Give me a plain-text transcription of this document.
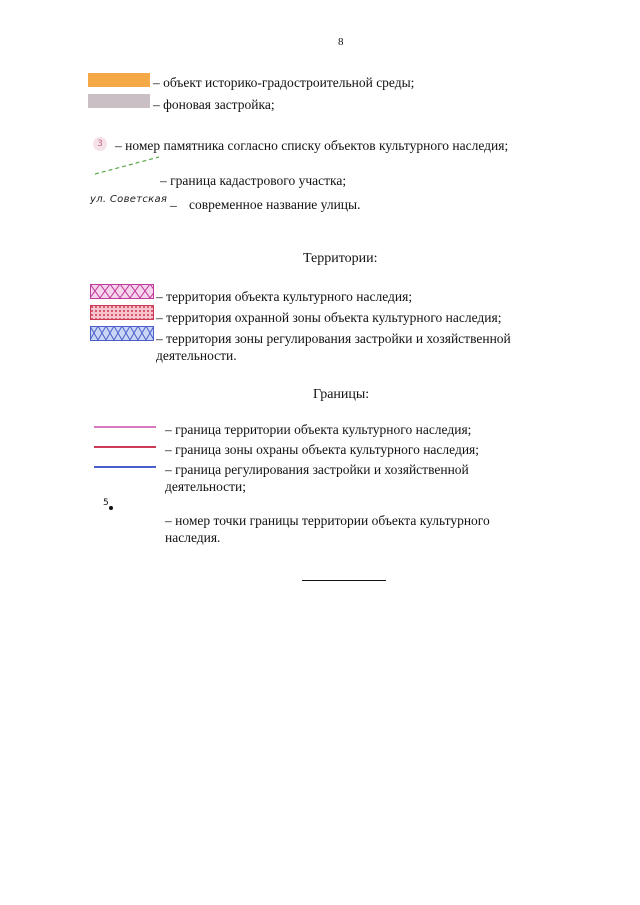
8
– объект историко-градостроительной среды;
– фоновая застройка;
3 – номер памятника согласно списку объектов культурного наследия;
– граница кадастрового участка;
ул. Советская _ современное название улицы.
Территории:
– территория объекта культурного наследия;
– территория охранной зоны объекта культурного наследия;
– территория зоны регулирования застройки и хозяйственной деятельности.
Границы:
– граница территории объекта культурного наследия;
– граница зоны охраны объекта культурного наследия;
– граница регулирования застройки и хозяйственной деятельности;
5
– номер точки границы территории объекта культурного наследия.
